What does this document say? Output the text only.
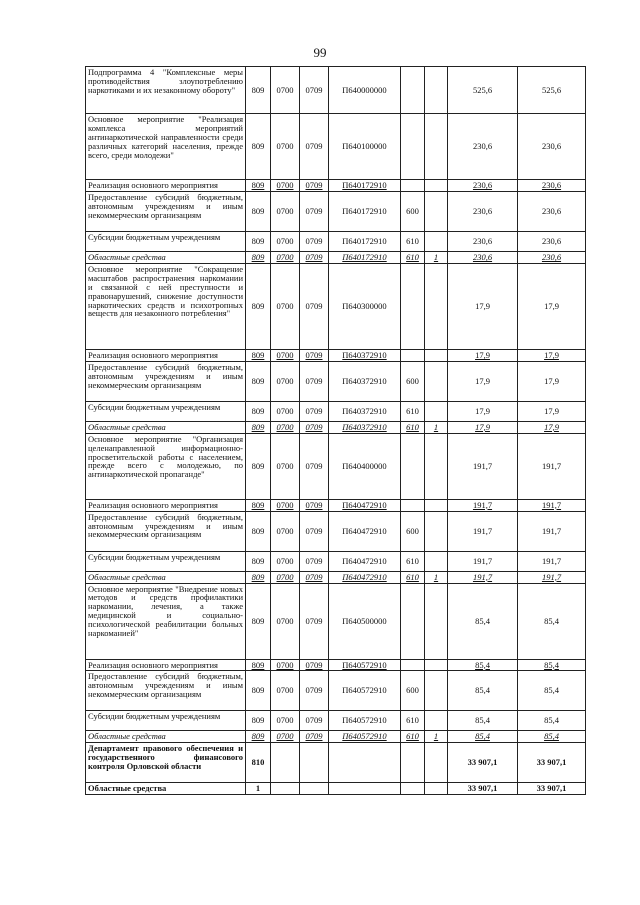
99
Подпрограмма 4 "Комплексные меры противодействия злоупотреблению наркотиками и их незаконному обороту"	809	0700	0709	П640000000			525,6	525,6
Основное мероприятие "Реализация комплекса мероприятий антинаркотической направленности среди различных категорий населения, прежде всего, среди молодежи"	809	0700	0709	П640100000			230,6	230,6
Реализация основного мероприятия	809	0700	0709	П640172910			230,6	230,6
Предоставление субсидий бюджетным, автономным учреждениям и иным некоммерческим организациям	809	0700	0709	П640172910	600		230,6	230,6
Субсидии бюджетным учреждениям	809	0700	0709	П640172910	610		230,6	230,6
Областные средства	809	0700	0709	П640172910	610	1	230,6	230,6
Основное мероприятие "Сокращение масштабов распространения наркомании и связанной с ней преступности и правонарушений, снижение доступности наркотических средств и психотропных веществ для незаконного потребления"	809	0700	0709	П640300000			17,9	17,9
Реализация основного мероприятия	809	0700	0709	П640372910			17,9	17,9
Предоставление субсидий бюджетным, автономным учреждениям и иным некоммерческим организациям	809	0700	0709	П640372910	600		17,9	17,9
Субсидии бюджетным учреждениям	809	0700	0709	П640372910	610		17,9	17,9
Областные средства	809	0700	0709	П640372910	610	1	17,9	17,9
Основное мероприятие "Организация целенаправленной информационно-просветительской работы с населением, прежде всего с молодежью, по антинаркотической пропаганде"	809	0700	0709	П640400000			191,7	191,7
Реализация основного мероприятия	809	0700	0709	П640472910			191,7	191,7
Предоставление субсидий бюджетным, автономным учреждениям и иным некоммерческим организациям	809	0700	0709	П640472910	600		191,7	191,7
Субсидии бюджетным учреждениям	809	0700	0709	П640472910	610		191,7	191,7
Областные средства	809	0700	0709	П640472910	610	1	191,7	191,7
Основное мероприятие "Внедрение новых методов и средств профилактики наркомании, лечения, а также медицинской и социально-психологической реабилитации больных наркоманией"	809	0700	0709	П640500000			85,4	85,4
Реализация основного мероприятия	809	0700	0709	П640572910			85,4	85,4
Предоставление субсидий бюджетным, автономным учреждениям и иным некоммерческим организациям	809	0700	0709	П640572910	600		85,4	85,4
Субсидии бюджетным учреждениям	809	0700	0709	П640572910	610		85,4	85,4
Областные средства	809	0700	0709	П640572910	610	1	85,4	85,4
Департамент правового обеспечения и государственного финансового контроля Орловской области	810						33 907,1	33 907,1
Областные средства	1						33 907,1	33 907,1
